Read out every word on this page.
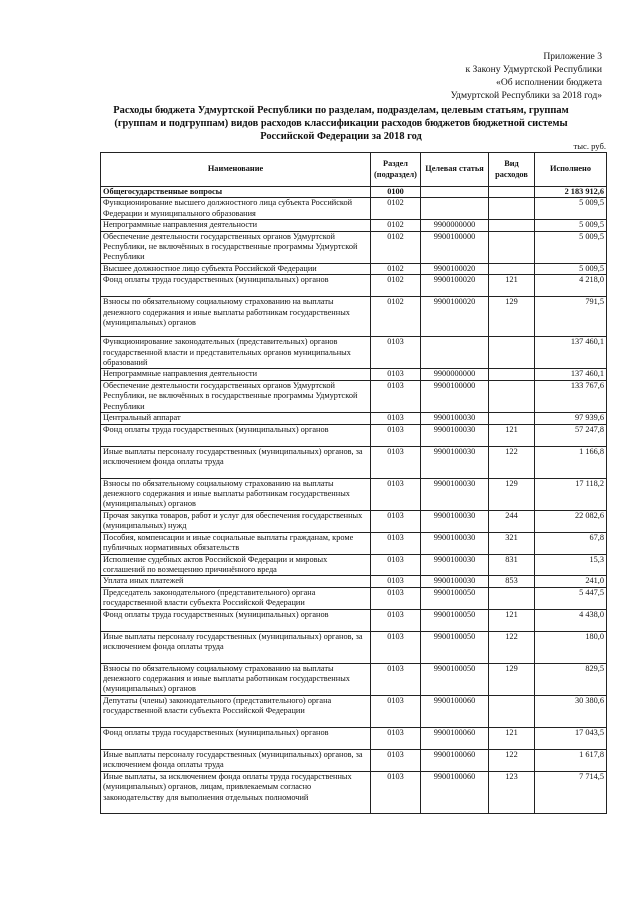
Приложение 3
к Закону Удмуртской Республики
«Об исполнении бюджета
Удмуртской Республики за 2018 год»
Расходы бюджета Удмуртской Республики по разделам, подразделам, целевым статьям, группам (группам и подгруппам) видов расходов классификации расходов бюджетов бюджетной системы Российской Федерации за 2018 год
тыс. руб.
Наименование	Раздел (подраздел)	Целевая статья	Вид расходов	Исполнено
Общегосударственные вопросы	0100			2 183 912,6
Функционирование высшего должностного лица субъекта Российской Федерации и муниципального образования	0102			5 009,5
Непрограммные направления деятельности	0102	9900000000		5 009,5
Обеспечение деятельности государственных органов Удмуртской Республики, не включённых в государственные программы Удмуртской Республики	0102	9900100000		5 009,5
Высшее должностное лицо субъекта Российской Федерации	0102	9900100020		5 009,5
Фонд оплаты труда государственных (муниципальных) органов	0102	9900100020	121	4 218,0
Взносы по обязательному социальному страхованию на выплаты денежного содержания и иные выплаты работникам государственных (муниципальных) органов	0102	9900100020	129	791,5
Функционирование законодательных (представительных) органов государственной власти и представительных органов муниципальных образований	0103			137 460,1
Непрограммные направления деятельности	0103	9900000000		137 460,1
Обеспечение деятельности государственных органов Удмуртской Республики, не включённых в государственные программы Удмуртской Республики	0103	9900100000		133 767,6
Центральный аппарат	0103	9900100030		97 939,6
Фонд оплаты труда государственных (муниципальных) органов	0103	9900100030	121	57 247,8
Иные выплаты персоналу государственных (муниципальных) органов, за исключением фонда оплаты труда	0103	9900100030	122	1 166,8
Взносы по обязательному социальному страхованию на выплаты денежного содержания и иные выплаты работникам государственных (муниципальных) органов	0103	9900100030	129	17 118,2
Прочая закупка товаров, работ и услуг для обеспечения государственных (муниципальных) нужд	0103	9900100030	244	22 082,6
Пособия, компенсации и иные социальные выплаты гражданам, кроме публичных нормативных обязательств	0103	9900100030	321	67,8
Исполнение судебных актов Российской Федерации и мировых соглашений по возмещению причинённого вреда	0103	9900100030	831	15,3
Уплата иных платежей	0103	9900100030	853	241,0
Председатель законодательного (представительного) органа государственной власти субъекта Российской Федерации	0103	9900100050		5 447,5
Фонд оплаты труда государственных (муниципальных) органов	0103	9900100050	121	4 438,0
Иные выплаты персоналу государственных (муниципальных) органов, за исключением фонда оплаты труда	0103	9900100050	122	180,0
Взносы по обязательному социальному страхованию на выплаты денежного содержания и иные выплаты работникам государственных (муниципальных) органов	0103	9900100050	129	829,5
Депутаты (члены) законодательного (представительного) органа государственной власти субъекта Российской Федерации	0103	9900100060		30 380,6
Фонд оплаты труда государственных (муниципальных) органов	0103	9900100060	121	17 043,5
Иные выплаты персоналу государственных (муниципальных) органов, за исключением фонда оплаты труда	0103	9900100060	122	1 617,8
Иные выплаты, за исключением фонда оплаты труда государственных (муниципальных) органов, лицам, привлекаемым согласно законодательству для выполнения отдельных полномочий	0103	9900100060	123	7 714,5
